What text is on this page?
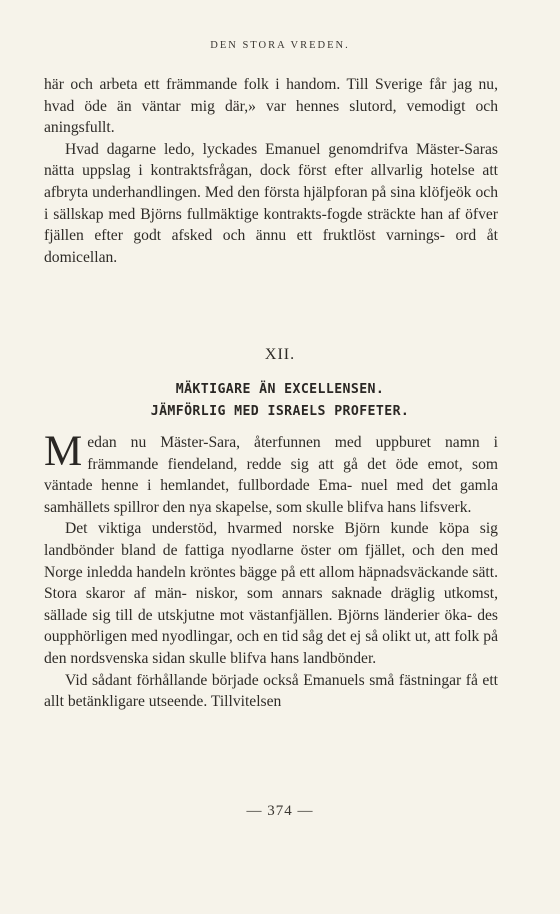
DEN STORA VREDEN.
här och arbeta ett främmande folk i handom. Till Sverige får jag nu, hvad öde än väntar mig där,» var hennes slutord, vemodigt och aningsfullt.
Hvad dagarne ledo, lyckades Emanuel genomdrifva Mäster-Saras nätta uppslag i kontraktsfrågan, dock först efter allvarlig hotelse att afbryta underhandlingen. Med den första hjälpforan på sina klöfjeök och i sällskap med Björns fullmäktige kontrakts-fogde sträckte han af öfver fjällen efter godt afsked och ännu ett fruktlöst varnings- ord åt domicellan.
XII.
MÄKTIGARE ÄN EXCELLENSEN.
JÄMFÖRLIG MED ISRAELS PROFETER.
M edan nu Mäster-Sara, återfunnen med uppburet namn i främmande fiendeland, redde sig att gå det öde emot, som väntade henne i hemlandet, fullbordade Ema- nuel med det gamla samhällets spillror den nya skapelse, som skulle blifva hans lifsverk.
Det viktiga understöd, hvarmed norske Björn kunde köpa sig landbönder bland de fattiga nyodlarne öster om fjället, och den med Norge inledda handeln kröntes bägge på ett allom häpnadsväckande sätt. Stora skaror af män- niskor, som annars saknade dräglig utkomst, sällade sig till de utskjutne mot västanfjällen. Björns länderier öka- des oupphörligen med nyodlingar, och en tid såg det ej så olikt ut, att folk på den nordsvenska sidan skulle blifva hans landbönder.
Vid sådant förhållande började också Emanuels små fästningar få ett allt betänkligare utseende. Tillvitelsen
— 374 —
